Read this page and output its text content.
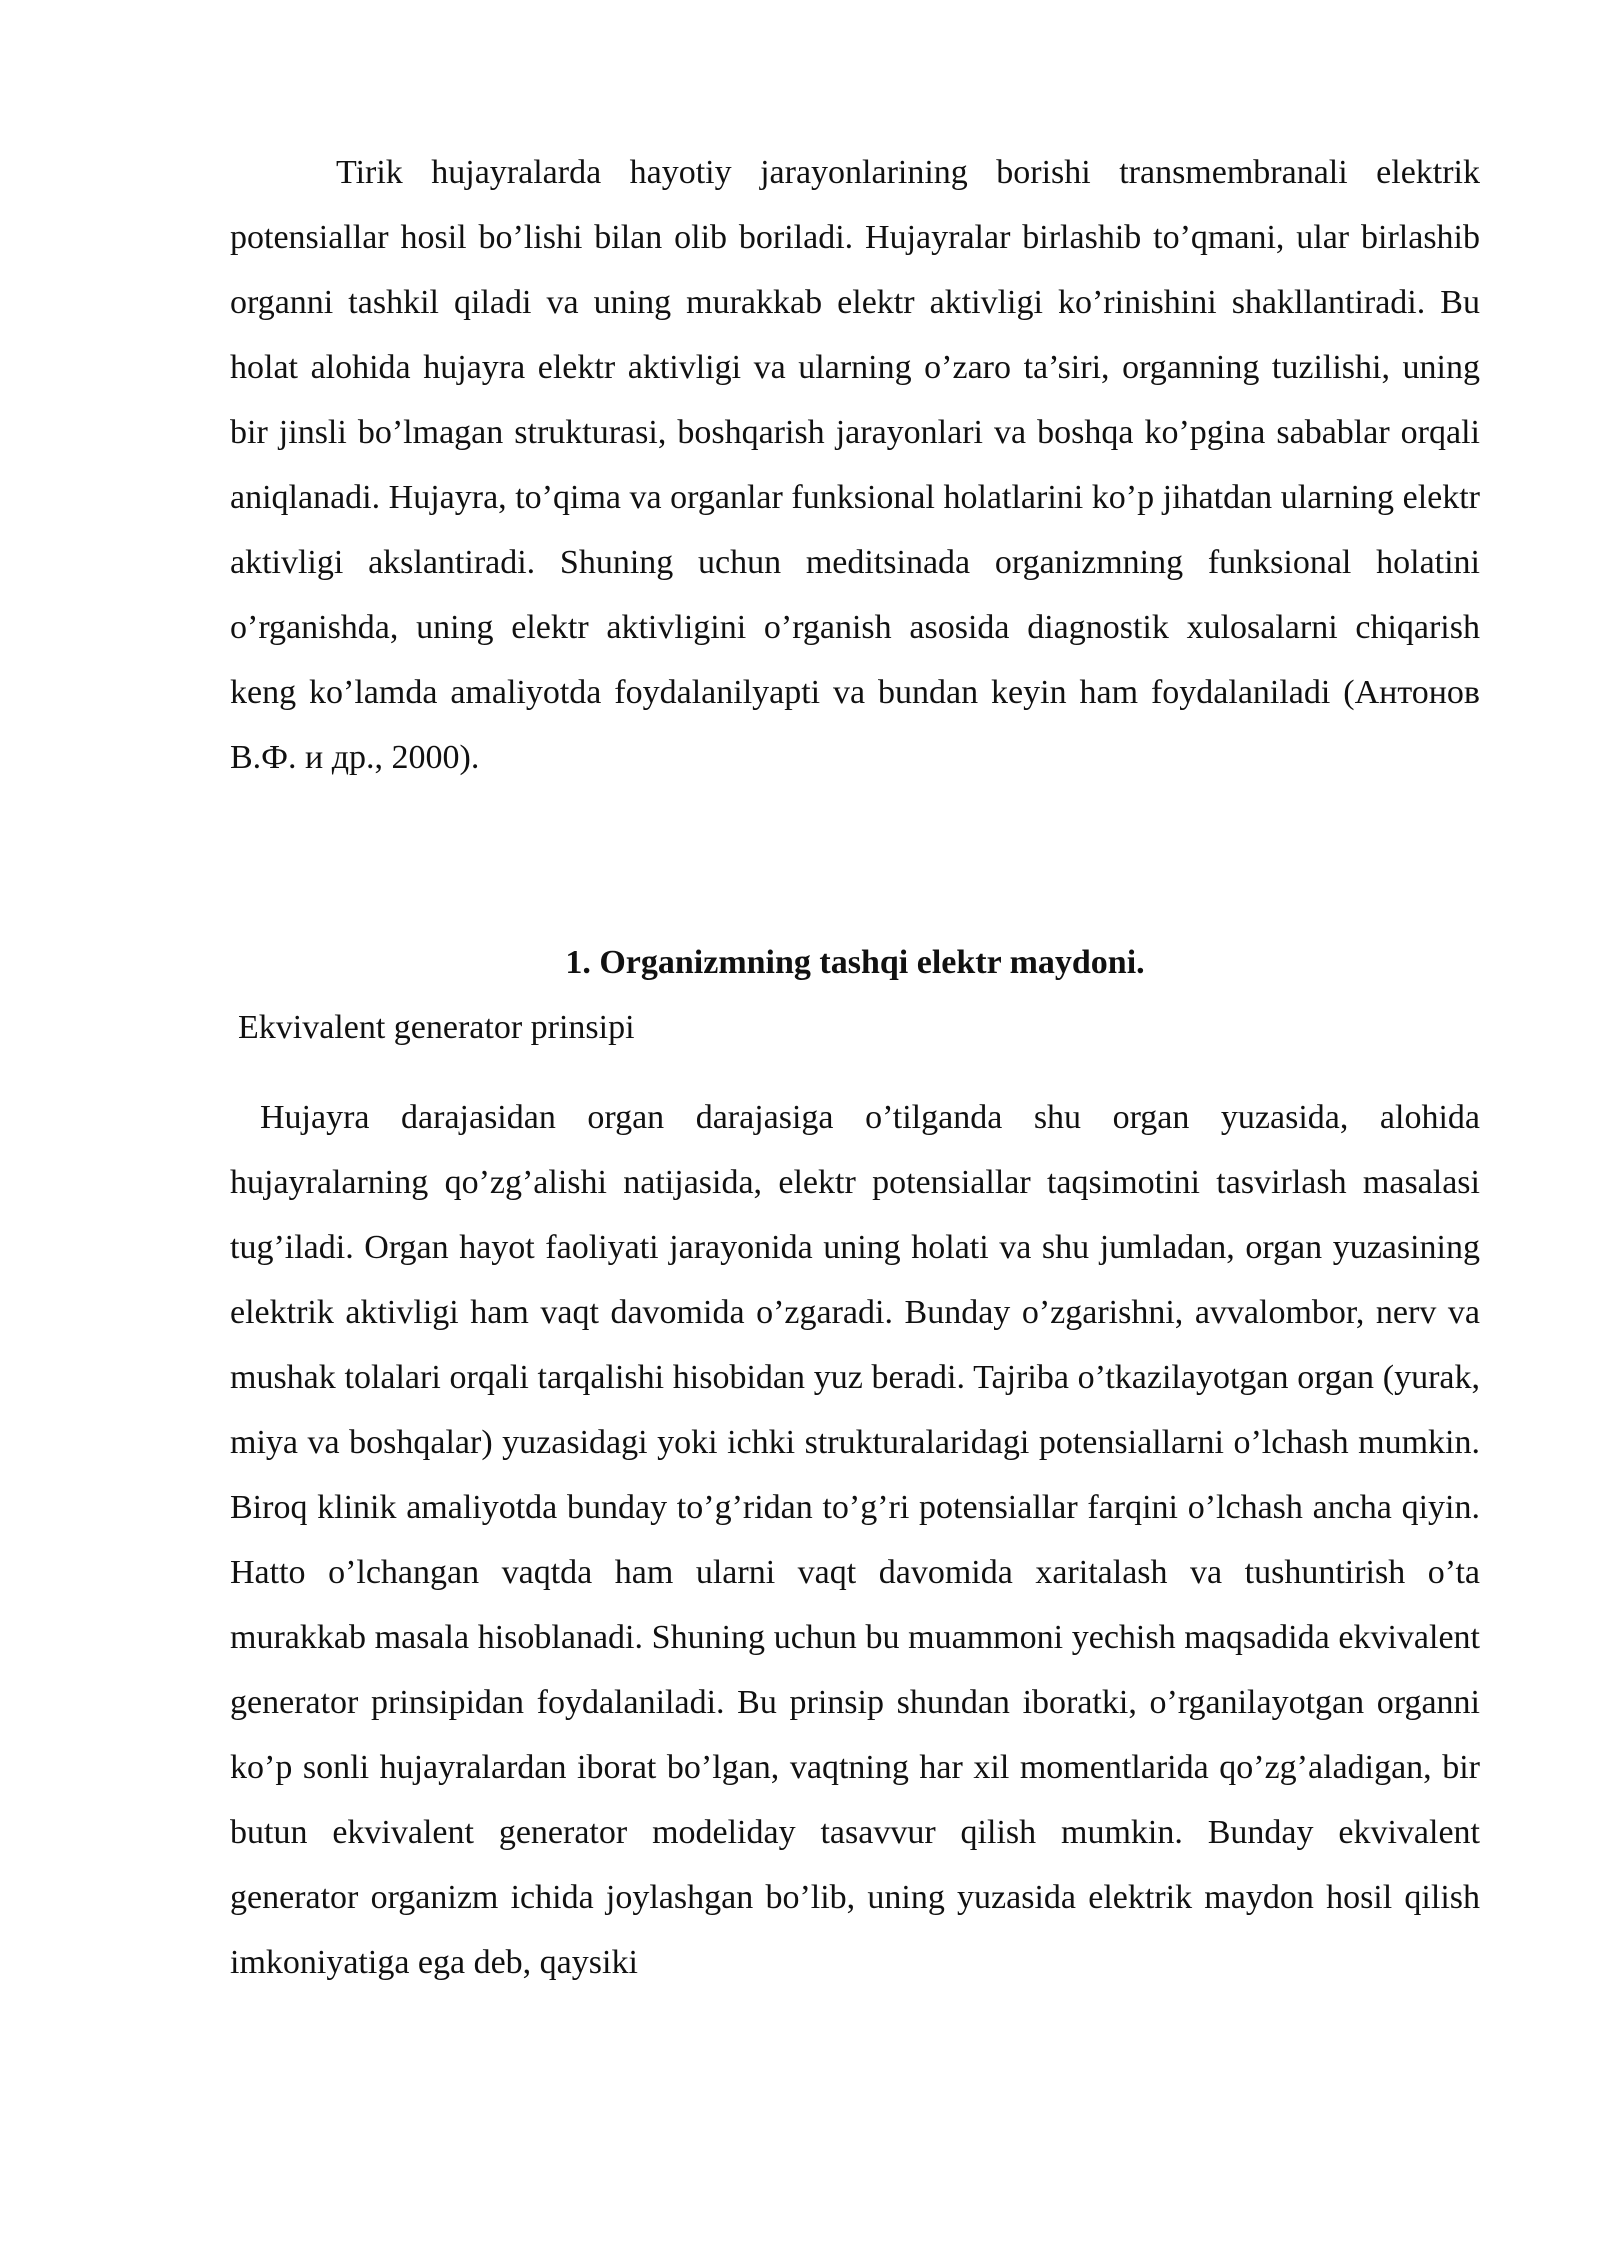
Tirik hujayralarda hayotiy jarayonlarining borishi transmembranali elektrik potensiallar hosil bo’lishi bilan olib boriladi. Hujayralar birlashib to’qmani, ular birlashib organni tashkil qiladi va uning murakkab elektr aktivligi ko’rinishini shakllantiradi. Bu holat alohida hujayra elektr aktivligi va ularning o’zaro ta’siri, organning tuzilishi, uning bir jinsli bo’lmagan strukturasi, boshqarish jarayonlari va boshqa ko’pgina sabablar orqali aniqlanadi. Hujayra, to’qima va organlar funksional holatlarini ko’p jihatdan ularning elektr aktivligi akslantiradi. Shuning uchun meditsinada organizmning funksional holatini o’rganishda, uning elektr aktivligini o’rganish asosida diagnostik xulosalarni chiqarish keng ko’lamda amaliyotda foydalanilyapti va bundan keyin ham foydalaniladi (Антонов В.Ф. и др., 2000).

1. Organizmning tashqi elektr maydoni.

Ekvivalent generator prinsipi

Hujayra darajasidan organ darajasiga o’tilganda shu organ yuzasida, alohida hujayralarning qo’zg’alishi natijasida, elektr potensiallar taqsimotini tasvirlash masalasi tug’iladi. Organ hayot faoliyati jarayonida uning holati va shu jumladan, organ yuzasining elektrik aktivligi ham vaqt davomida o’zgaradi. Bunday o’zgarishni, avvalombor, nerv va mushak tolalari orqali tarqalishi hisobidan yuz beradi. Tajriba o’tkazilayotgan organ (yurak, miya va boshqalar) yuzasidagi yoki ichki strukturalaridagi potensiallarni o’lchash mumkin. Biroq klinik amaliyotda bunday to’g’ridan to’g’ri potensiallar farqini o’lchash ancha qiyin. Hatto o’lchangan vaqtda ham ularni vaqt davomida xaritalash va tushuntirish o’ta murakkab masala hisoblanadi. Shuning uchun bu muammoni yechish maqsadida ekvivalent generator prinsipidan foydalaniladi. Bu prinsip shundan iboratki, o’rganilayotgan organni ko’p sonli hujayralardan iborat bo’lgan, vaqtning har xil momentlarida qo’zg’aladigan, bir butun ekvivalent generator modeliday tasavvur qilish mumkin. Bunday ekvivalent generator organizm ichida joylashgan bo’lib, uning yuzasida elektrik maydon hosil qilish imkoniyatiga ega deb, qaysiki
